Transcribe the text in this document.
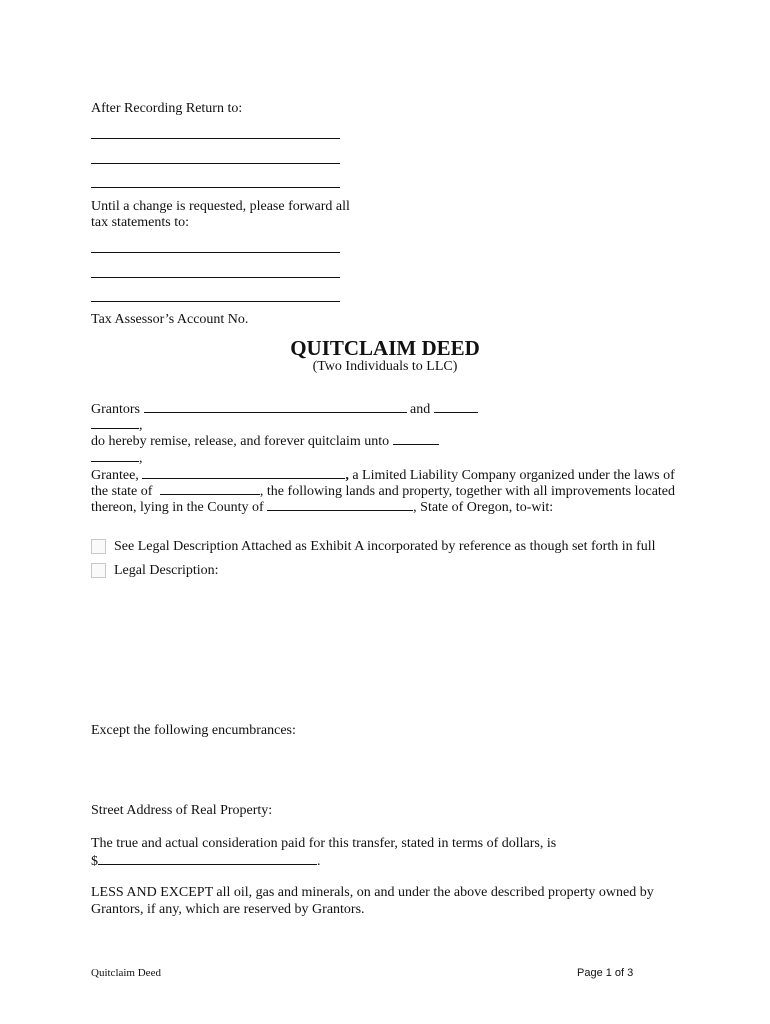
After Recording Return to:
Until a change is requested, please forward all
tax statements to:
Tax Assessor’s Account No.
QUITCLAIM DEED
(Two Individuals to LLC)
Grantors	and
,
do hereby remise, release, and forever quitclaim unto
,
Grantee,	, a Limited Liability Company organized under the laws of
the state of	, the following lands and property, together with all improvements located
thereon, lying in the County of	, State of Oregon, to-wit:
See Legal Description Attached as Exhibit A incorporated by reference as though set forth in full
Legal Description:
Except the following encumbrances:
Street Address of Real Property:
The true and actual consideration paid for this transfer, stated in terms of dollars, is
$	.
LESS AND EXCEPT all oil, gas and minerals, on and under the above described property owned by
Grantors, if any, which are reserved by Grantors.
Quitclaim Deed	Page 1 of 3
